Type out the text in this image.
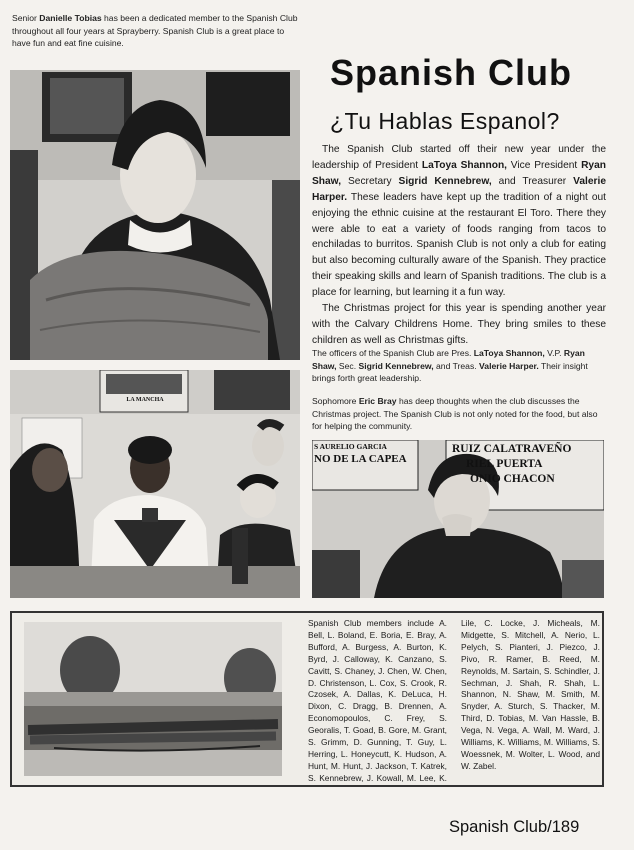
Senior Danielle Tobias has been a dedicated member to the Spanish Club throughout all four years at Sprayberry. Spanish Club is a great place to have fun and eat fine cuisine.
LA MANCHA
Spanish Club
¿Tu Hablas Espanol?

The Spanish Club started off their new year under the leadership of President LaToya Shannon, Vice President Ryan Shaw, Secretary Sigrid Kennebrew, and Treasurer Valerie Harper. These leaders have kept up the tradition of a night out enjoying the ethnic cuisine at the restaurant El Toro. There they were able to eat a variety of foods ranging from tacos to enchiladas to burritos. Spanish Club is not only a club for eating but also becoming culturally aware of the Spanish. They practice their speaking skills and learn of Spanish traditions. The club is a place for learning, but learning it a fun way.

The Christmas project for this year is spending another year with the Calvary Childrens Home. They bring smiles to these children as well as Christmas gifts.

The officers of the Spanish Club are Pres. LaToya Shannon, V.P. Ryan Shaw, Sec. Sigrid Kennebrew, and Treas. Valerie Harper. Their insight brings forth great leadership.
Sophomore Eric Bray has deep thoughts when the club discusses the Christmas project. The Spanish Club is not only noted for the food, but also for helping the community.
S AURELIO GARCIA
NO DE LA CAPEA
RUIZ CALATRAVEÑO
RIEL PUERTA
ONIO CHACON
Spanish Club members include A. Bell, L. Boland, E. Boria, E. Bray, A. Bufford, A. Burgess, A. Burton, K. Byrd, J. Calloway, K. Canzano, S. Cavitt, S. Chaney, J. Chen, W. Chen, D. Christenson, L. Cox, S. Crook, R. Czosek, A. Dallas, K. DeLuca, H. Dixon, C. Dragg, B. Drennen, A. Economopoulos, C. Frey, S. Georalis, T. Goad, B. Gore, M. Grant, S. Grimm, D. Gunning, T. Guy, L. Herring, L. Honeycutt, K. Hudson, A. Hunt, M. Hunt, J. Jackson, T. Katrek, S. Kennebrew, J. Kowall, M. Lee, K. Lile, C. Locke, J. Micheals, M. Midgette, S. Mitchell, A. Nerio, L. Pelych, S. Pianteri, J. Piezco, J. Pivo, R. Ramer, B. Reed, M. Reynolds, M. Sartain, S. Schindler, J. Sechman, J. Shah, R. Shah, L. Shannon, N. Shaw, M. Smith, M. Snyder, A. Sturch, S. Thacker, M. Third, D. Tobias, M. Van Hassle, B. Vega, N. Vega, A. Wall, M. Ward, J. Williams, K. Williams, M. Williams, S. Woessnek, M. Wolter, L. Wood, and W. Zabel.
Spanish Club/189
